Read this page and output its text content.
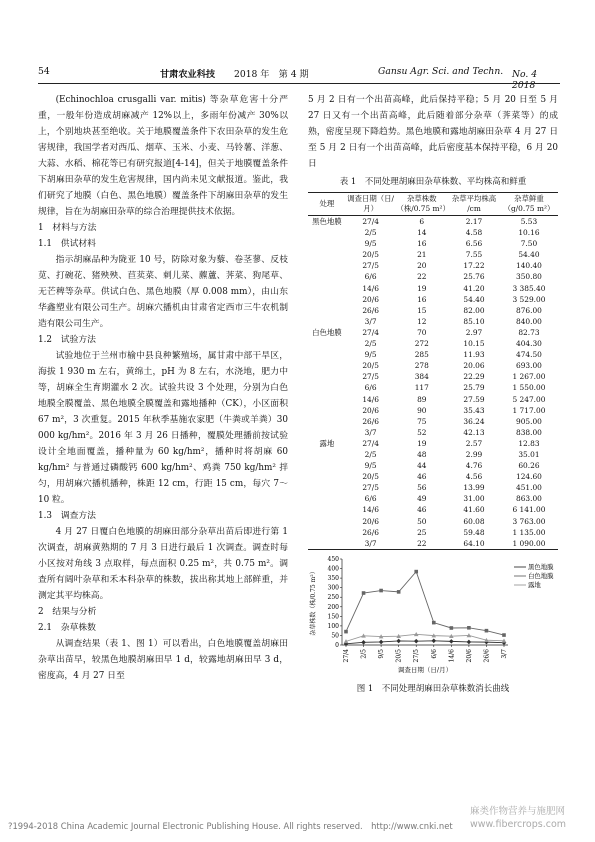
54	甘肃农业科技 2018 年　第 4 期	Gansu Agr. Sci. and Techn. No. 4　2018

(Echinochloa crusgalli var. mitis) 等杂草危害十分严重，一般年份造成胡麻减产 12%以上，多雨年份减产 30%以上，个别地块甚至绝收。关于地膜覆盖条件下农田杂草的发生危害规律，我国学者对西瓜、烟草、玉米、小麦、马铃薯、洋葱、大蒜、水稻、棉花等已有研究报道[4-14]，但关于地膜覆盖条件下胡麻田杂草的发生危害规律，国内尚未见文献报道。鉴此，我们研究了地膜（白色、黑色地膜）覆盖条件下胡麻田杂草的发生规律，旨在为胡麻田杂草的综合治理提供技术依据。

1　材料与方法
1.1　供试材料

指示胡麻品种为陇亚 10 号，防除对象为藜、卷茎蓼、反枝苋、打碗花、猪殃殃、苣荬菜、刺儿菜、藨蘆、荠菜、狗尾草、无芒稗等杂草。供试白色、黑色地膜（厚 0.008 mm），由山东华鑫塑业有限公司生产。胡麻穴播机由甘肃省定西市三牛农机制造有限公司生产。

1.2　试验方法

试验地位于兰州市榆中县良种繁殖场，属甘肃中部干旱区，海拔 1 930 m 左右，黄绵土，pH 为 8 左右，水浇地，肥力中等，胡麻全生育期灌水 2 次。试验共设 3 个处理，分别为白色地膜全膜覆盖、黑色地膜全膜覆盖和露地播种（CK），小区面积 67 m²，3 次重复。2015 年秋季基施农家肥（牛粪或羊粪）30 000 kg/hm²。2016 年 3 月 26 日播种，覆膜处理播前按试验设计全地面覆盖，播种量为 60 kg/hm²，播种时将胡麻 60 kg/hm² 与普通过磷酸钙 600 kg/hm²、鸡粪 750 kg/hm² 拌匀，用胡麻穴播机播种，株距 12 cm，行距 15 cm，每穴 7～10 粒。

1.3　调查方法

4 月 27 日覆白色地膜的胡麻田部分杂草出苗后即进行第 1 次调查，胡麻黄熟期的 7 月 3 日进行最后 1 次调查。调查时每小区按对角线 3 点取样，每点面积 0.25 m²，共 0.75 m²。调查所有阔叶杂草和禾本科杂草的株数，拔出称其地上部鲜重，并测定其平均株高。

2　结果与分析
2.1　杂草株数

从调查结果（表 1、图 1）可以看出，白色地膜覆盖胡麻田杂草出苗早，较黑色地膜胡麻田早 1 d，较露地胡麻田早 3 d，密度高，4 月 27 日至

5 月 2 日有一个出苗高峰，此后保持平稳；5 月 20 日至 5 月 27 日又有一个出苗高峰，此后随着部分杂草（荠菜等）的成熟，密度呈现下降趋势。黑色地膜和露地胡麻田杂草 4 月 27 日至 5 月 2 日有一个出苗高峰，此后密度基本保持平稳，6 月 20 日

表 1　不同处理胡麻田杂草株数、平均株高和鲜重
处理	调查日期（日/月）	杂草株数（株/0.75 m²）	杂草平均株高 /cm	杂草鲜重（g/0.75 m²）
黑色地膜	27/4	6	2.17	5.53
	2/5	14	4.58	10.16
	9/5	16	6.56	7.50
	20/5	21	7.55	54.40
	27/5	20	17.22	140.40
	6/6	22	25.76	350.80
	14/6	19	41.20	3 385.40
	20/6	16	54.40	3 529.00
	26/6	15	82.00	876.00
	3/7	12	85.10	840.00
白色地膜	27/4	70	2.97	82.73
	2/5	272	10.15	404.30
	9/5	285	11.93	474.50
	20/5	278	20.06	693.00
	27/5	384	22.29	1 267.00
	6/6	117	25.79	1 550.00
	14/6	89	27.59	5 247.00
	20/6	90	35.43	1 717.00
	26/6	75	36.24	905.00
	3/7	52	42.13	838.00
露地	27/4	19	2.57	12.83
	2/5	48	2.99	35.01
	9/5	44	4.76	60.26
	20/5	46	4.56	124.60
	27/5	56	13.99	451.00
	6/6	49	31.00	863.00
	14/6	46	41.60	6 141.00
	20/6	50	60.08	3 763.00
	26/6	25	59.48	1 135.00
	3/7	22	64.10	1 090.00
0
50
100
150
200
250
300
350
400
450
27/4 2/5 9/5 20/5 27/5 6/6 14/6 20/6 26/6 3/7
黑色地膜
白色地膜
露地
杂草株数（株/0.75 m²）
调查日期（日/月）
图 1　不同处理胡麻田杂草株数消长曲线
?1994-2018 China Academic Journal Electronic Publishing House. All rights reserved.　http://www.cnki.net
麻类作物营养与施肥网
www.fibercrops.com
